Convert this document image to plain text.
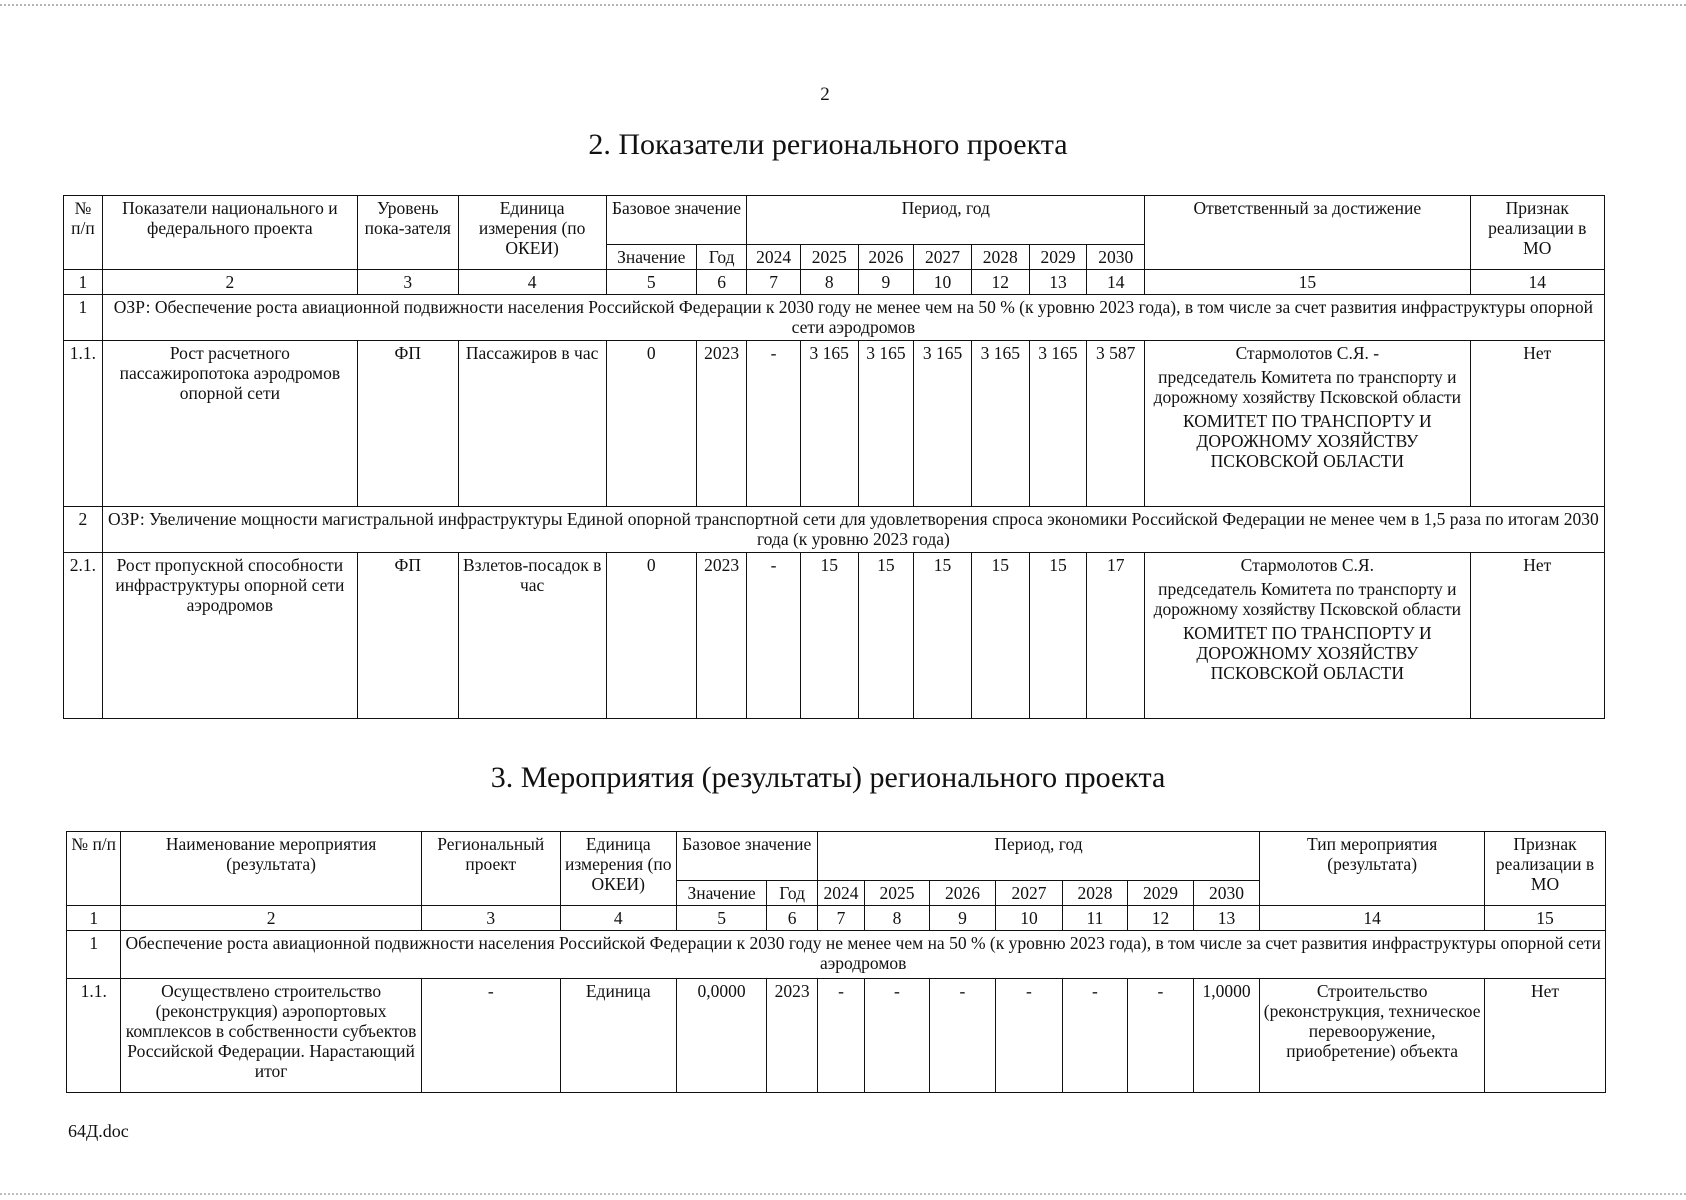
2
2. Показатели регионального проекта
№ п/п	Показатели национального и федерального проекта	Уровень пока-зателя	Единица измерения (по ОКЕИ)	Базовое значение		Период, год							Ответственный за достижение	Признак реализации в МО
				Значение	Год	2024	2025	2026	2027	2028	2029	2030		
1	2	3	4	5	6	7	8	9	10	12	13	14	15	14
1	ОЗР: Обеспечение роста авиационной подвижности населения Российской Федерации к 2030 году не менее чем на 50 % (к уровню 2023 года), в том числе за счет развития инфраструктуры опорной сети аэродромов													
1.1.	Рост расчетного пассажиропотока аэродромов опорной сети	ФП	Пассажиров в час	0	2023	-	3 165	3 165	3 165	3 165	3 165	3 587	Стармолотов С.Я. -
председатель Комитета по транспорту и дорожному хозяйству Псковской области
КОМИТЕТ ПО ТРАНСПОРТУ И ДОРОЖНОМУ ХОЗЯЙСТВУ ПСКОВСКОЙ ОБЛАСТИ	Нет
2	ОЗР: Увеличение мощности магистральной инфраструктуры Единой опорной транспортной сети для удовлетворения спроса экономики Российской Федерации не менее чем в 1,5 раза по итогам 2030 года (к уровню 2023 года)													
2.1.	Рост пропускной способности инфраструктуры опорной сети аэродромов	ФП	Взлетов-посадок в час	0	2023	-	15	15	15	15	15	17	Стармолотов С.Я.
председатель Комитета по транспорту и дорожному хозяйству Псковской области
КОМИТЕТ ПО ТРАНСПОРТУ И ДОРОЖНОМУ ХОЗЯЙСТВУ ПСКОВСКОЙ ОБЛАСТИ	Нет
3. Мероприятия (результаты) регионального проекта
№ п/п	Наименование мероприятия (результата)	Региональный проект	Единица измерения (по ОКЕИ)	Базовое значение		Период, год							Тип мероприятия (результата)	Признак реализации в МО
				Значение	Год	2024	2025	2026	2027	2028	2029	2030		
1	2	3	4	5	6	7	8	9	10	11	12	13	14	15
1	Обеспечение роста авиационной подвижности населения Российской Федерации к 2030 году не менее чем на 50 % (к уровню 2023 года), в том числе за счет развития инфраструктуры опорной сети аэродромов													
1.1.	Осуществлено строительство (реконструкция) аэропортовых комплексов в собственности субъектов Российской Федерации. Нарастающий итог	-	Единица	0,0000	2023	-	-	-	-	-	-	1,0000	Строительство (реконструкция, техническое перевооружение, приобретение) объекта	Нет
64Д.doc
